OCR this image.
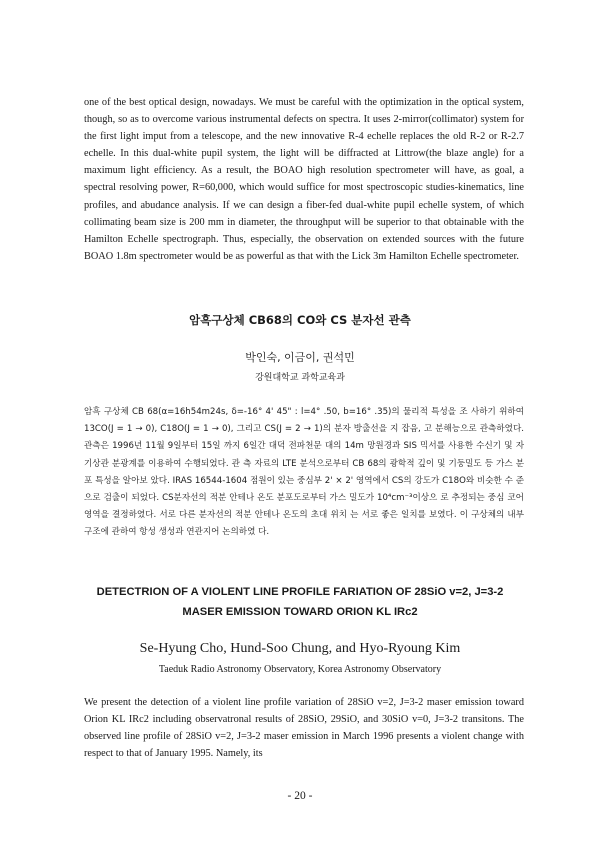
one of the best optical design, nowadays. We must be careful with the optimization in the optical system, though, so as to overcome various instrumental defects on spectra. It uses 2-mirror(collimator) system for the first light imput from a telescope, and the new innovative R-4 echelle replaces the old R-2 or R-2.7 echelle. In this dual-white pupil system, the light will be diffracted at Littrow(the blaze angle) for a maximum light efficiency. As a result, the BOAO high resolution spectrometer will have, as goal, a spectral resolving power, R=60,000, which would suffice for most spectroscopic studies-kinematics, line profiles, and abudance analysis. If we can design a fiber-fed dual-white pupil echelle system, of which collimating beam size is 200 mm in diameter, the throughput will be superior to that obtainable with the Hamilton Echelle spectrograph. Thus, especially, the observation on extended sources with the future BOAO 1.8m spectrometer would be as powerful as that with the Lick 3m Hamilton Echelle spectrometer.

암흑구상체 CB68의 CO와 CS 분자선 관측

박인숙, 이금이, 권석민

강원대학교 과학교육과

암흑 구상체 CB 68(α=16h54m24s, δ=-16° 4' 45" : l=4° .50, b=16° .35)의 물리적 특성을 조 사하기 위하여 13CO(J = 1 → 0), C18O(J = 1 → 0), 그리고 CS(J = 2 → 1)의 분자 방출선을 지 잡음, 고 분해능으로 관측하였다. 관측은 1996년 11월 9일부터 15일 까지 6일간 대덕 전파천문 대의 14m 망원경과 SIS 믹서를 사용한 수신기 및 자기상관 분광계를 이용하여 수행되었다. 관 측 자료의 LTE 분석으로부터 CB 68의 광학적 깊이 및 기둥밀도 등 가스 분포 특성을 알아보 았다. IRAS 16544-1604 점원이 있는 중심부 2' × 2' 영역에서 CS의 강도가 C18O와 비슷한 수 준으로 검출이 되었다. CS분자선의 적분 안테나 온도 분포도로부터 가스 밀도가 10⁴cm⁻³이상으 로 추정되는 중심 코어 영역을 결정하였다. 서로 다른 분자선의 적분 안테나 온도의 초대 위치 는 서로 좋은 일치를 보였다. 이 구상체의 내부구조에 관하여 항성 생성과 연관지어 논의하였 다.

DETECTRION OF A VIOLENT LINE PROFILE FARIATION OF 28SiO v=2, J=3-2
MASER EMISSION TOWARD ORION KL IRc2

Se-Hyung Cho, Hund-Soo Chung, and Hyo-Ryoung Kim

Taeduk Radio Astronomy Observatory, Korea Astronomy Observatory

We present the detection of a violent line profile variation of 28SiO v=2, J=3-2 maser emission toward Orion KL IRc2 including observatronal results of 28SiO, 29SiO, and 30SiO v=0, J=3-2 transitons. The observed line profile of 28SiO v=2, J=3-2 maser emission in March 1996 presents a violent change with respect to that of January 1995. Namely, its

- 20 -
